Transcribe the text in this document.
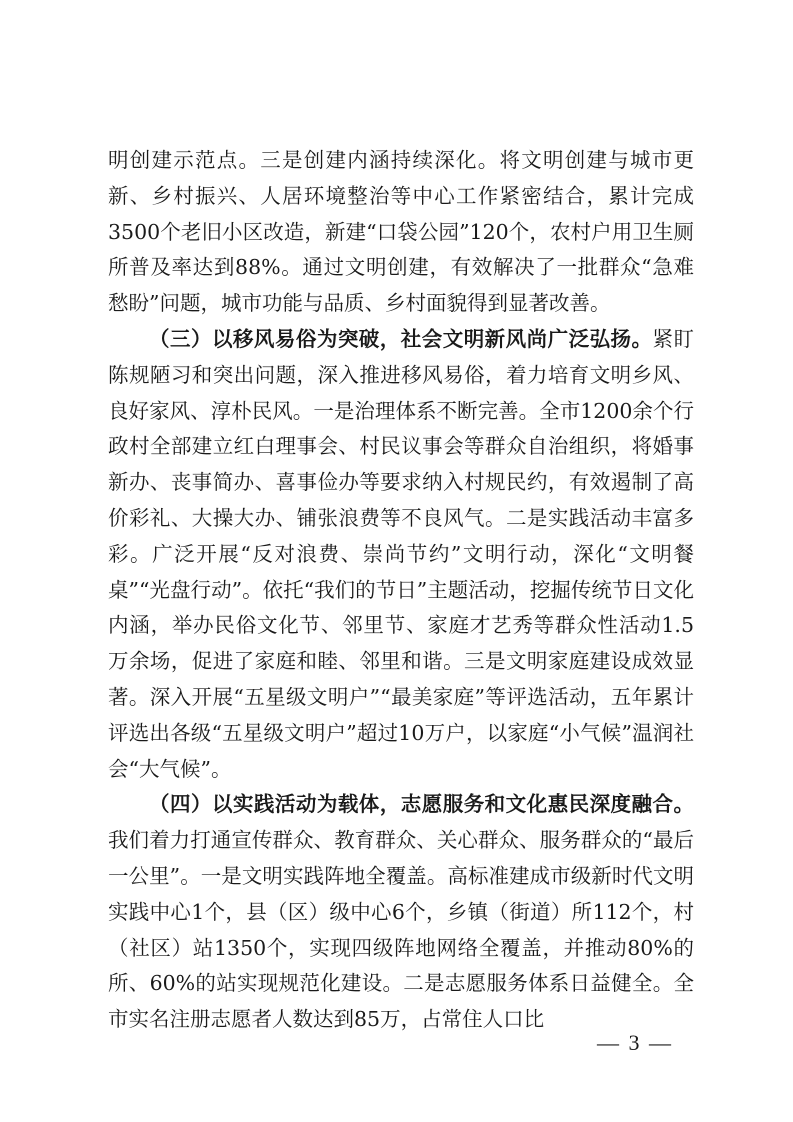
明创建示范点。三是创建内涵持续深化。将文明创建与城市更新、乡村振兴、人居环境整治等中心工作紧密结合，累计完成3500个老旧小区改造，新建“口袋公园”120个，农村户用卫生厕所普及率达到88%。通过文明创建，有效解决了一批群众“急难愁盼”问题，城市功能与品质、乡村面貌得到显著改善。

（三）以移风易俗为突破，社会文明新风尚广泛弘扬。紧盯陈规陋习和突出问题，深入推进移风易俗，着力培育文明乡风、良好家风、淳朴民风。一是治理体系不断完善。全市1200余个行政村全部建立红白理事会、村民议事会等群众自治组织，将婚事新办、丧事简办、喜事俭办等要求纳入村规民约，有效遏制了高价彩礼、大操大办、铺张浪费等不良风气。二是实践活动丰富多彩。广泛开展“反对浪费、崇尚节约”文明行动，深化“文明餐桌”“光盘行动”。依托“我们的节日”主题活动，挖掘传统节日文化内涵，举办民俗文化节、邻里节、家庭才艺秀等群众性活动1.5万余场，促进了家庭和睦、邻里和谐。三是文明家庭建设成效显著。深入开展“五星级文明户”“最美家庭”等评选活动，五年累计评选出各级“五星级文明户”超过10万户，以家庭“小气候”温润社会“大气候”。

（四）以实践活动为载体，志愿服务和文化惠民深度融合。我们着力打通宣传群众、教育群众、关心群众、服务群众的“最后一公里”。一是文明实践阵地全覆盖。高标准建成市级新时代文明实践中心1个，县（区）级中心6个，乡镇（街道）所112个，村（社区）站1350个，实现四级阵地网络全覆盖，并推动80%的所、60%的站实现规范化建设。二是志愿服务体系日益健全。全市实名注册志愿者人数达到85万，占常住人口比

— 3 —
